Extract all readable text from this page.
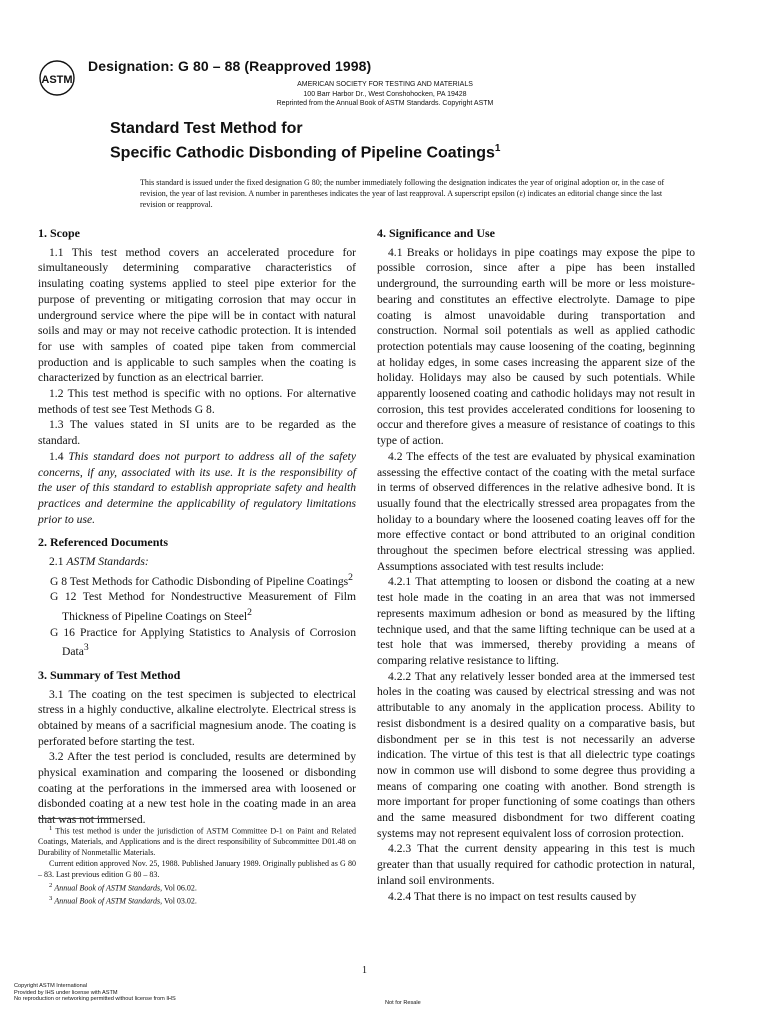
ASTM
Designation: G 80 – 88 (Reapproved 1998)
AMERICAN SOCIETY FOR TESTING AND MATERIALS
100 Barr Harbor Dr., West Conshohocken, PA 19428
Reprinted from the Annual Book of ASTM Standards. Copyright ASTM
Standard Test Method for
Specific Cathodic Disbonding of Pipeline Coatings$^1$
This standard is issued under the fixed designation G 80; the number immediately following the designation indicates the year of original adoption or, in the case of revision, the year of last revision. A number in parentheses indicates the year of last reapproval. A superscript epsilon (ε) indicates an editorial change since the last revision or reapproval.
1. Scope

1.1 This test method covers an accelerated procedure for simultaneously determining comparative characteristics of insulating coating systems applied to steel pipe exterior for the purpose of preventing or mitigating corrosion that may occur in underground service where the pipe will be in contact with natural soils and may or may not receive cathodic protection. It is intended for use with samples of coated pipe taken from commercial production and is applicable to such samples when the coating is characterized by function as an electrical barrier.

1.2 This test method is specific with no options. For alternative methods of test see Test Methods G 8.

1.3 The values stated in SI units are to be regarded as the standard.

1.4 This standard does not purport to address all of the safety concerns, if any, associated with its use. It is the responsibility of the user of this standard to establish appropriate safety and health practices and determine the applicability of regulatory limitations prior to use.

2. Referenced Documents

2.1 ASTM Standards:

G 8 Test Methods for Cathodic Disbonding of Pipeline Coatings$^2$

G 12 Test Method for Nondestructive Measurement of Film Thickness of Pipeline Coatings on Steel$^2$

G 16 Practice for Applying Statistics to Analysis of Corrosion Data$^3$

3. Summary of Test Method

3.1 The coating on the test specimen is subjected to electrical stress in a highly conductive, alkaline electrolyte. Electrical stress is obtained by means of a sacrificial magnesium anode. The coating is perforated before starting the test.

3.2 After the test period is concluded, results are determined by physical examination and comparing the loosened or disbonding coating at the perforations in the immersed area with loosened or disbonded coating at a new test hole in the coating made in an area that was not immersed.

$^1$ This test method is under the jurisdiction of ASTM Committee D-1 on Paint and Related Coatings, Materials, and Applications and is the direct responsibility of Subcommittee D01.48 on Durability of Nonmetallic Materials.

Current edition approved Nov. 25, 1988. Published January 1989. Originally published as G 80 – 83. Last previous edition G 80 – 83.

$^2$ Annual Book of ASTM Standards, Vol 06.02.

$^3$ Annual Book of ASTM Standards, Vol 03.02.

4. Significance and Use

4.1 Breaks or holidays in pipe coatings may expose the pipe to possible corrosion, since after a pipe has been installed underground, the surrounding earth will be more or less moisture-bearing and constitutes an effective electrolyte. Damage to pipe coating is almost unavoidable during transportation and construction. Normal soil potentials as well as applied cathodic protection potentials may cause loosening of the coating, beginning at holiday edges, in some cases increasing the apparent size of the holiday. Holidays may also be caused by such potentials. While apparently loosened coating and cathodic holidays may not result in corrosion, this test provides accelerated conditions for loosening to occur and therefore gives a measure of resistance of coatings to this type of action.

4.2 The effects of the test are evaluated by physical examination assessing the effective contact of the coating with the metal surface in terms of observed differences in the relative adhesive bond. It is usually found that the electrically stressed area propagates from the holiday to a boundary where the loosened coating leaves off for the more effective contact or bond attributed to an original condition throughout the specimen before electrical stressing was applied. Assumptions associated with test results include:

4.2.1 That attempting to loosen or disbond the coating at a new test hole made in the coating in an area that was not immersed represents maximum adhesion or bond as measured by the lifting technique used, and that the same lifting technique can be used at a test hole that was immersed, thereby providing a means of comparing relative resistance to lifting.

4.2.2 That any relatively lesser bonded area at the immersed test holes in the coating was caused by electrical stressing and was not attributable to any anomaly in the application process. Ability to resist disbondment is a desired quality on a comparative basis, but disbondment per se in this test is not necessarily an adverse indication. The virtue of this test is that all dielectric type coatings now in common use will disbond to some degree thus providing a means of comparing one coating with another. Bond strength is more important for proper functioning of some coatings than others and the same measured disbondment for two different coating systems may not represent equivalent loss of corrosion protection.

4.2.3 That the current density appearing in this test is much greater than that usually required for cathodic protection in natural, inland soil environments.

4.2.4 That there is no impact on test results caused by

1
Copyright ASTM International
Provided by IHS under license with ASTM
No reproduction or networking permitted without license from IHS
Not for Resale
